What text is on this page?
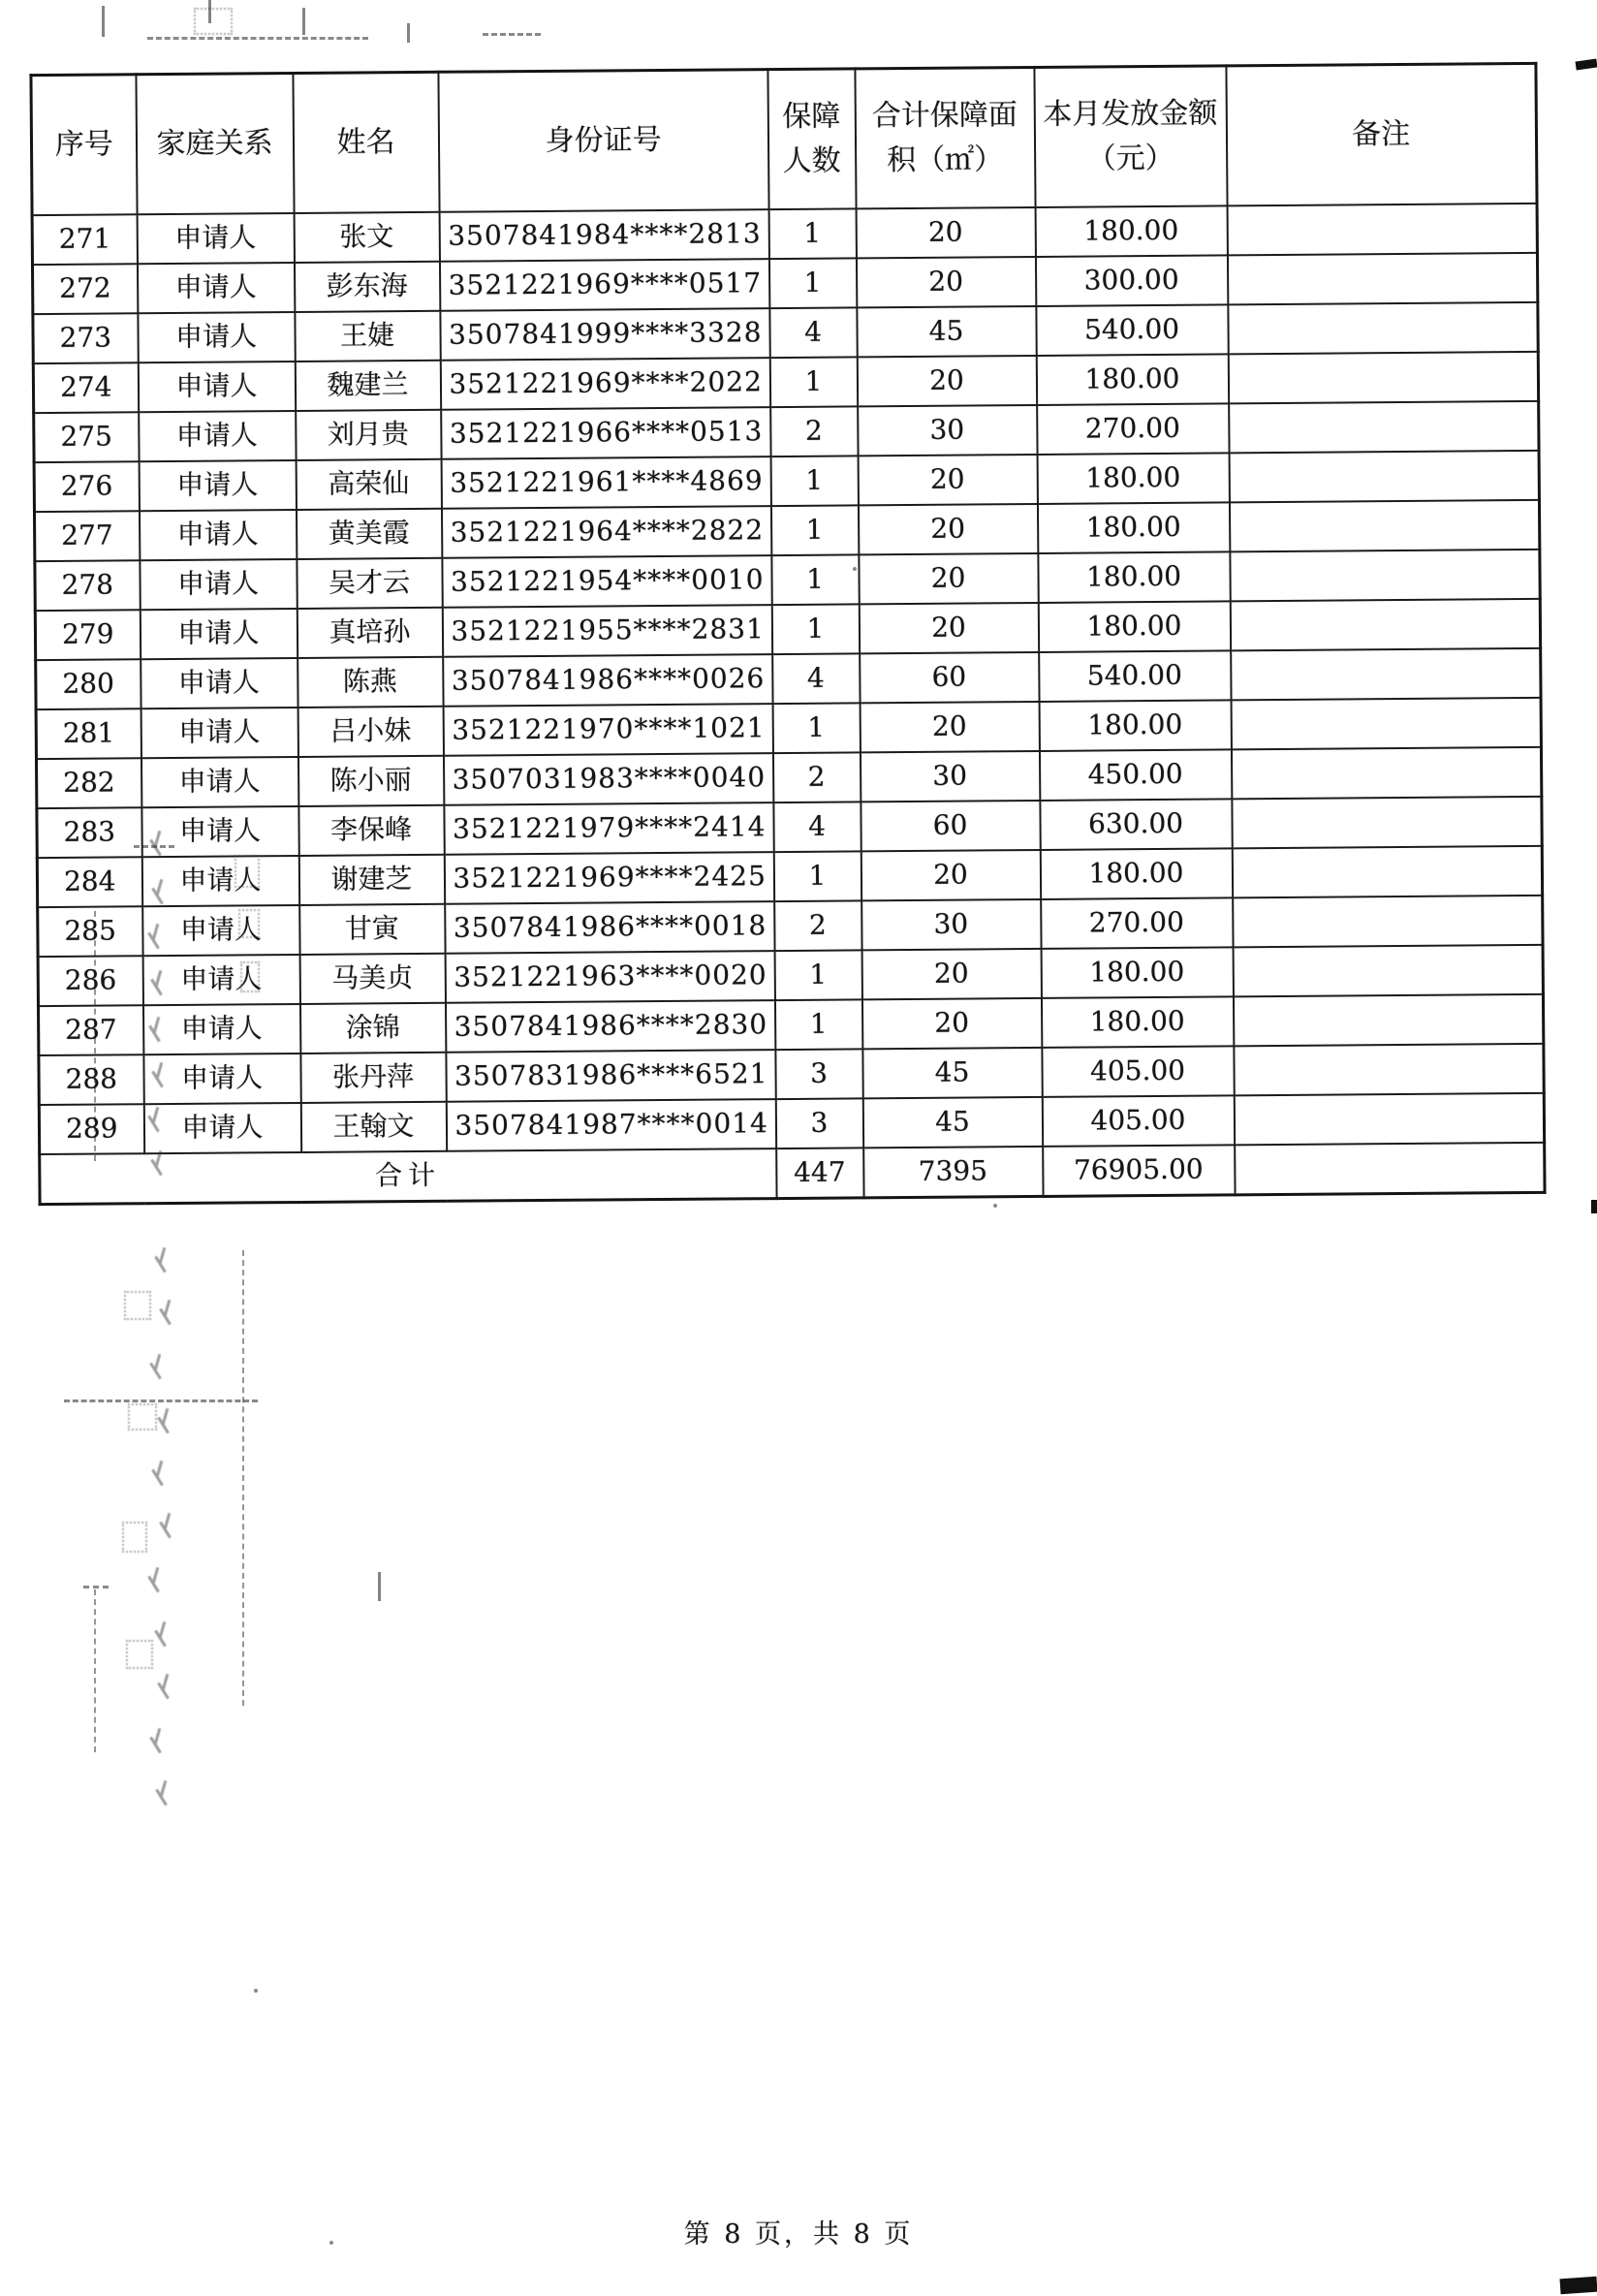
序号	家庭关系	姓名	身份证号	保障人数	合计保障面积（㎡）	本月发放金额（元）	备注
271	申请人	张文	3507841984****2813	1	20	180.00	
272	申请人	彭东海	3521221969****0517	1	20	300.00	
273	申请人	王婕	3507841999****3328	4	45	540.00	
274	申请人	魏建兰	3521221969****2022	1	20	180.00	
275	申请人	刘月贵	3521221966****0513	2	30	270.00	
276	申请人	高荣仙	3521221961****4869	1	20	180.00	
277	申请人	黄美霞	3521221964****2822	1	20	180.00	
278	申请人	吴才云	3521221954****0010	1	20	180.00	
279	申请人	真培孙	3521221955****2831	1	20	180.00	
280	申请人	陈燕	3507841986****0026	4	60	540.00	
281	申请人	吕小妹	3521221970****1021	1	20	180.00	
282	申请人	陈小丽	3507031983****0040	2	30	450.00	
283	申请人	李保峰	3521221979****2414	4	60	630.00	
284	申请人	谢建芝	3521221969****2425	1	20	180.00	
285	申请人	甘寅	3507841986****0018	2	30	270.00	
286	申请人	马美贞	3521221963****0020	1	20	180.00	
287	申请人	涂锦	3507841986****2830	1	20	180.00	
288	申请人	张丹萍	3507831986****6521	3	45	405.00	
289	申请人	王翰文	3507841987****0014	3	45	405.00	
合计				447	7395	76905.00	
第 8 页，共 8 页
